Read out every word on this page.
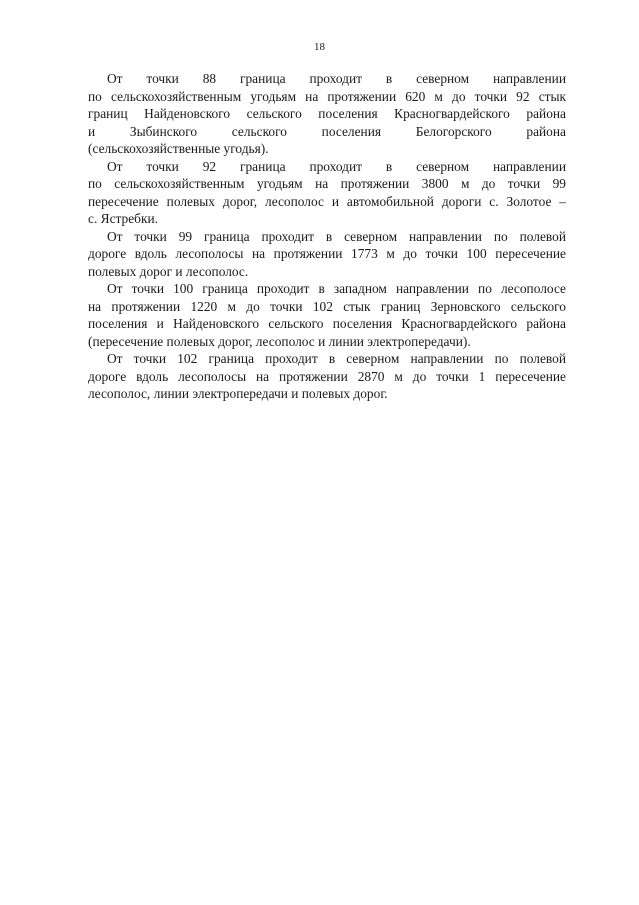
18

От точки 88 граница проходит в северном направлении
по сельскохозяйственным угодьям на протяжении 620 м до точки 92 стык
границ Найденовского сельского поселения Красногвардейского района
и Зыбинского сельского поселения Белогорского района
(сельскохозяйственные угодья).

От точки 92 граница проходит в северном направлении
по сельскохозяйственным угодьям на протяжении 3800 м до точки 99
пересечение полевых дорог, лесополос и автомобильной дороги с. Золотое –
с. Ястребки.

От точки 99 граница проходит в северном направлении по полевой
дороге вдоль лесополосы на протяжении 1773 м до точки 100 пересечение
полевых дорог и лесополос.

От точки 100 граница проходит в западном направлении по лесополосе
на протяжении 1220 м до точки 102 стык границ Зерновского сельского
поселения и Найденовского сельского поселения Красногвардейского района
(пересечение полевых дорог, лесополос и линии электропередачи).

От точки 102 граница проходит в северном направлении по полевой
дороге вдоль лесополосы на протяжении 2870 м до точки 1 пересечение
лесополос, линии электропередачи и полевых дорог.
